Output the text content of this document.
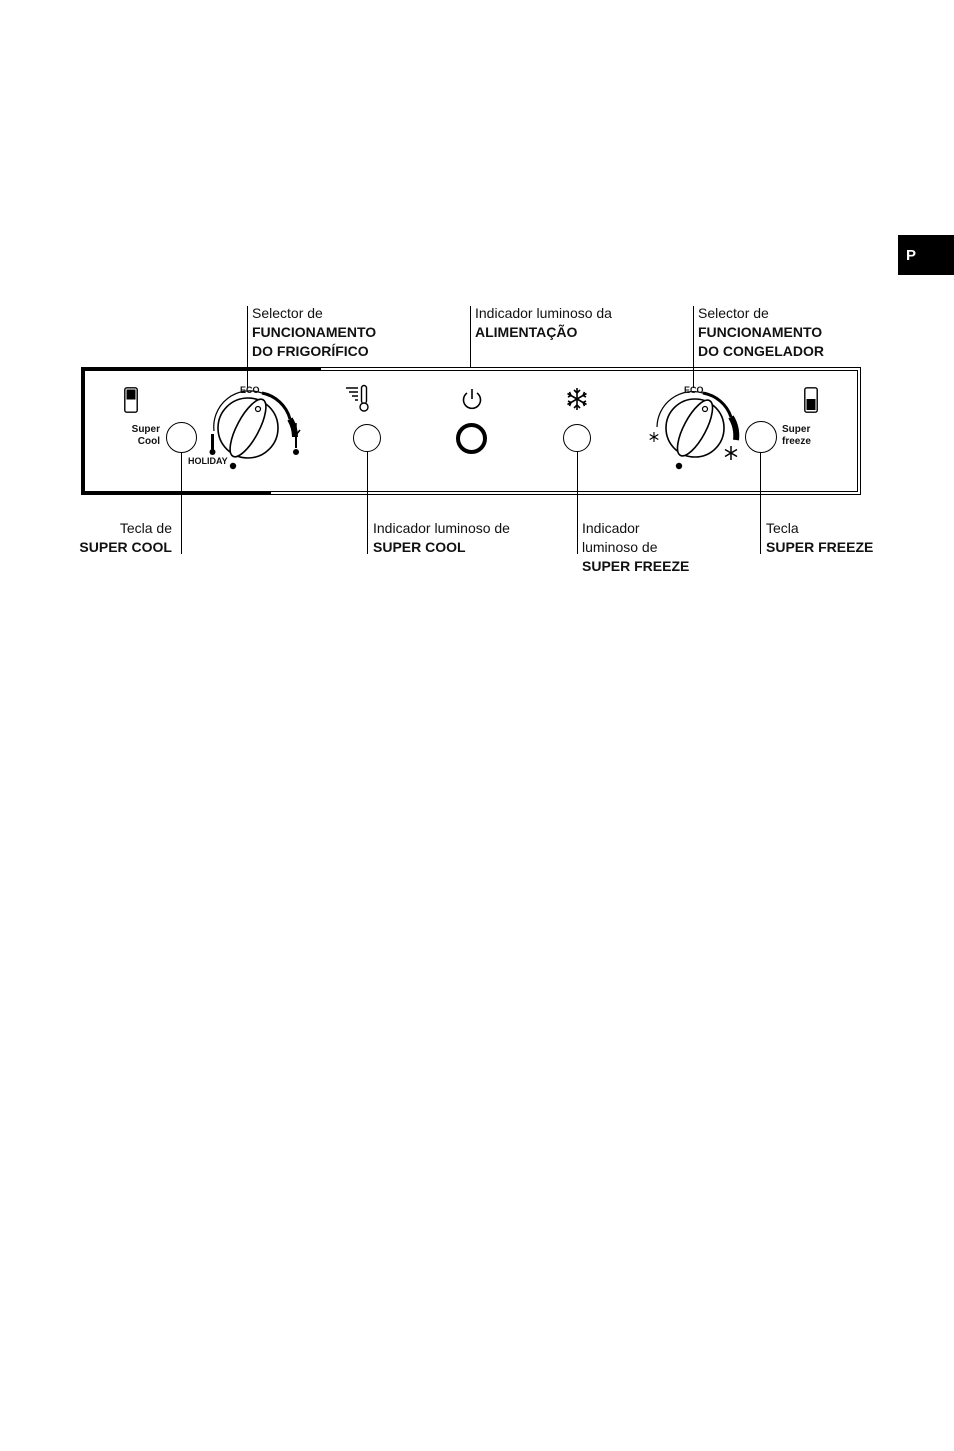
P
Selector de
FUNCIONAMENTO
DO FRIGORÍFICO
Indicador luminoso da
ALIMENTAÇÃO
Selector de
FUNCIONAMENTO
DO CONGELADOR
Super
Cool
ECO
HOLIDAY
ECO
Super
freeze
Tecla de
SUPER COOL
Indicador luminoso de
SUPER COOL
Indicador
luminoso de
SUPER FREEZE
Tecla
SUPER FREEZE
